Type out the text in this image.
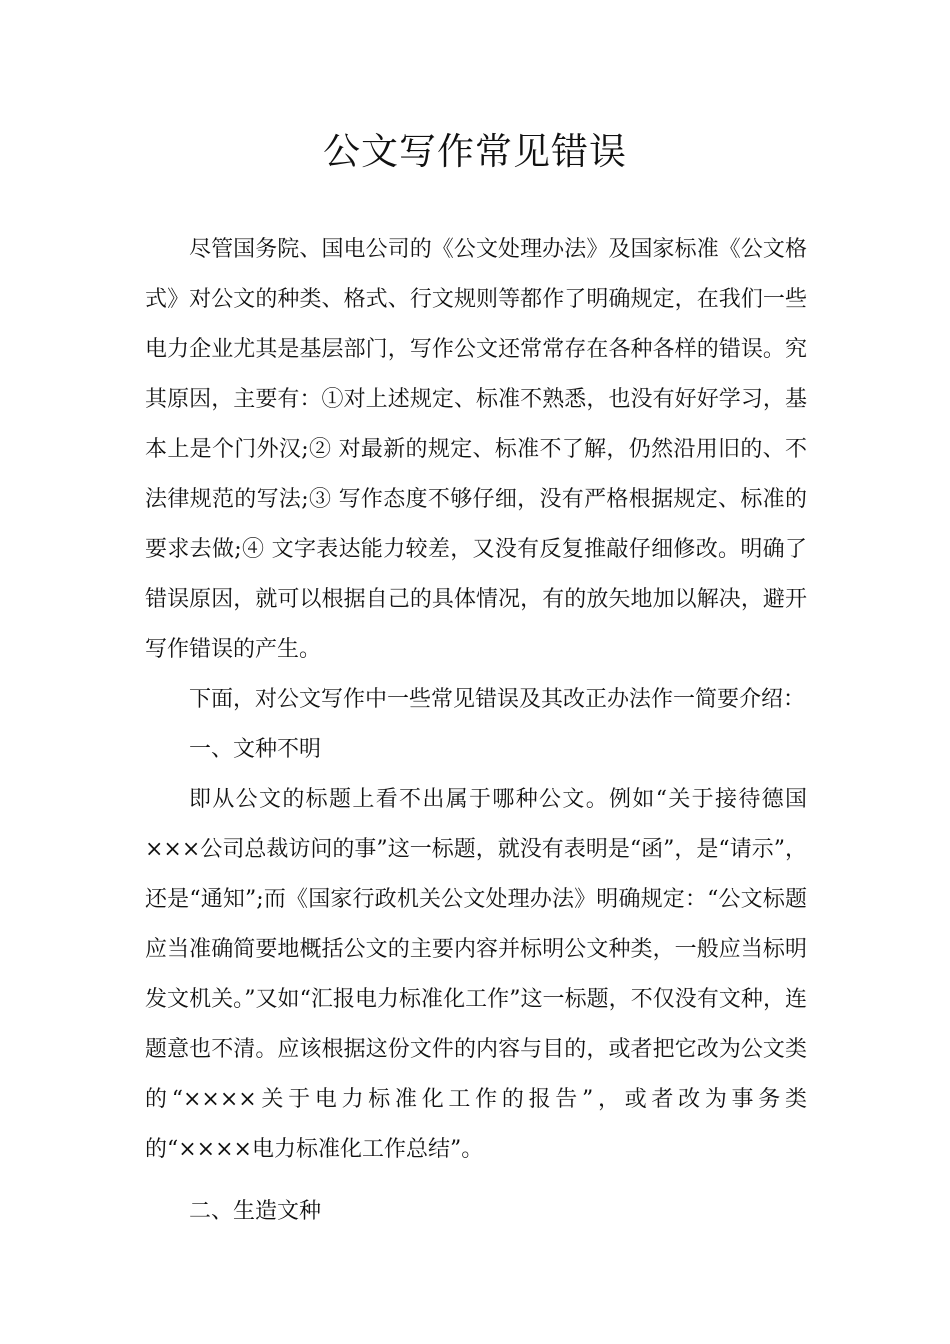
公文写作常见错误

尽管国务院、国电公司的《公文处理办法》及国家标准《公文格式》对公文的种类、格式、行文规则等都作了明确规定，在我们一些电力企业尤其是基层部门，写作公文还常常存在各种各样的错误。究其原因，主要有：①对上述规定、标准不熟悉，也没有好好学习，基本上是个门外汉;② 对最新的规定、标准不了解，仍然沿用旧的、不法律规范的写法;③ 写作态度不够仔细，没有严格根据规定、标准的要求去做;④ 文字表达能力较差，又没有反复推敲仔细修改。明确了错误原因，就可以根据自己的具体情况，有的放矢地加以解决，避开写作错误的产生。

下面，对公文写作中一些常见错误及其改正办法作一简要介绍：

一、文种不明

即从公文的标题上看不出属于哪种公文。例如“关于接待德国×××公司总裁访问的事”这一标题，就没有表明是“函”，是“请示”，还是“通知”;而《国家行政机关公文处理办法》明确规定：“公文标题应当准确简要地概括公文的主要内容并标明公文种类，一般应当标明发文机关。”又如“汇报电力标准化工作”这一标题，不仅没有文种，连题意也不清。应该根据这份文件的内容与目的，或者把它改为公文类的“××××关于电力标准化工作的报告”，或者改为事务类的“××××电力标准化工作总结”。

二、生造文种
